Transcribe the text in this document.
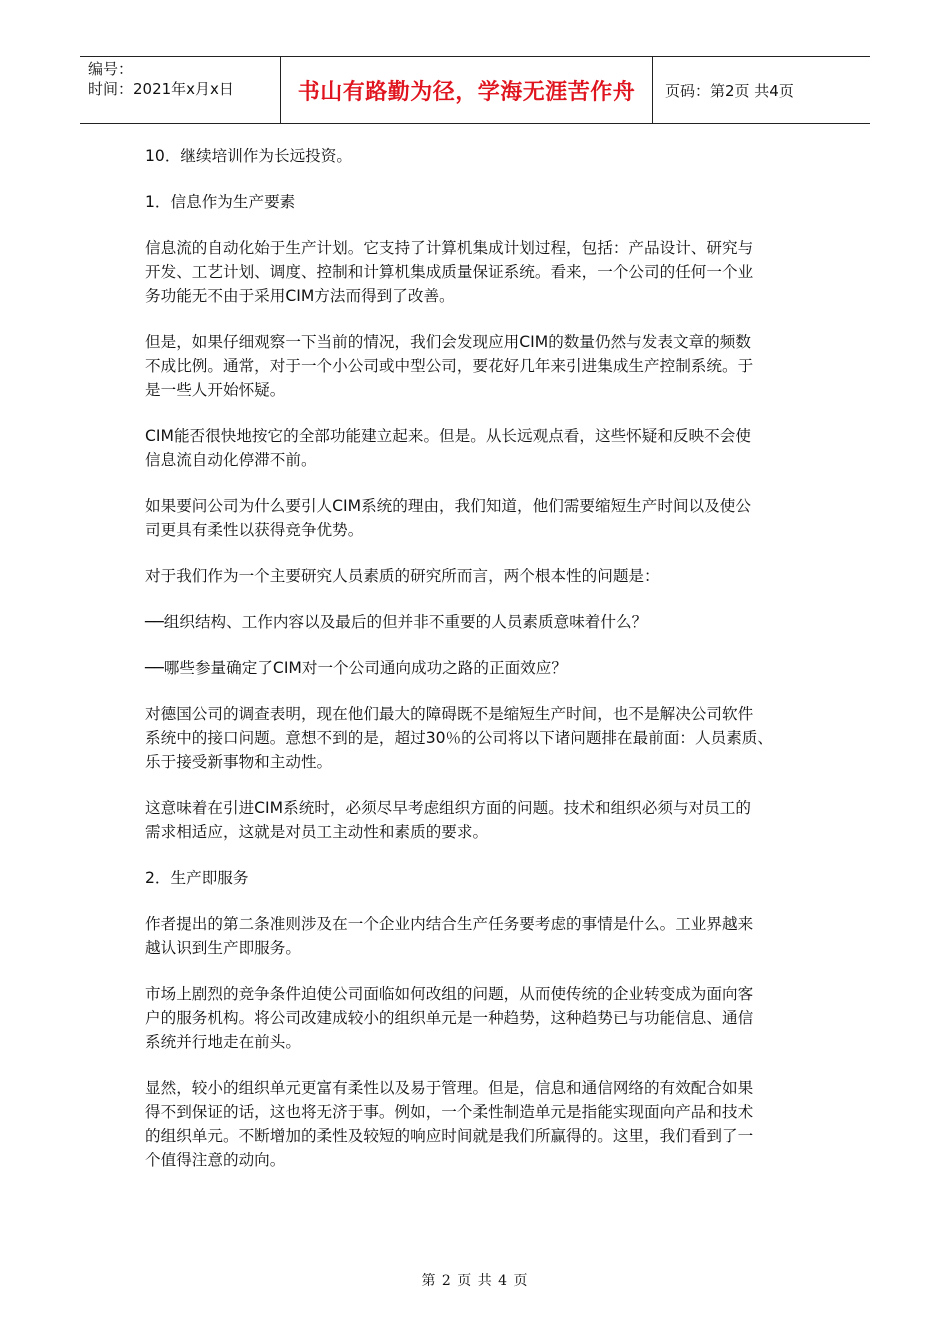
编号：
时间：2021年x月x日	书山有路勤为径，学海无涯苦作舟 页码：第2页 共4页

10．继续培训作为长远投资。

1．信息作为生产要素

信息流的自动化始于生产计划。它支持了计算机集成计划过程，包括：产品设计、研究与
开发、工艺计划、调度、控制和计算机集成质量保证系统。看来，一个公司的任何一个业
务功能无不由于采用CIM方法而得到了改善。

但是，如果仔细观察一下当前的情况，我们会发现应用CIM的数量仍然与发表文章的频数
不成比例。通常，对于一个小公司或中型公司，要花好几年来引进集成生产控制系统。于
是一些人开始怀疑。

CIM能否很快地按它的全部功能建立起来。但是。从长远观点看，这些怀疑和反映不会使
信息流自动化停滞不前。

如果要问公司为什么要引人CIM系统的理由，我们知道，他们需要缩短生产时间以及使公
司更具有柔性以获得竞争优势。

对于我们作为一个主要研究人员素质的研究所而言，两个根本性的问题是：

──组织结构、工作内容以及最后的但并非不重要的人员素质意味着什么？

──哪些参量确定了CIM对一个公司通向成功之路的正面效应？

对德国公司的调查表明，现在他们最大的障碍既不是缩短生产时间，也不是解决公司软件
系统中的接口问题。意想不到的是，超过30％的公司将以下诸问题排在最前面：人员素质、
乐于接受新事物和主动性。

这意味着在引进CIM系统时，必须尽早考虑组织方面的问题。技术和组织必须与对员工的
需求相适应，这就是对员工主动性和素质的要求。

2．生产即服务

作者提出的第二条准则涉及在一个企业内结合生产任务要考虑的事情是什么。工业界越来
越认识到生产即服务。

市场上剧烈的竞争条件迫使公司面临如何改组的问题，从而使传统的企业转变成为面向客
户的服务机构。将公司改建成较小的组织单元是一种趋势，这种趋势已与功能信息、通信
系统并行地走在前头。

显然，较小的组织单元更富有柔性以及易于管理。但是，信息和通信网络的有效配合如果
得不到保证的话，这也将无济于事。例如，一个柔性制造单元是指能实现面向产品和技术
的组织单元。不断增加的柔性及较短的响应时间就是我们所赢得的。这里，我们看到了一
个值得注意的动向。

第 2 页 共 4 页
